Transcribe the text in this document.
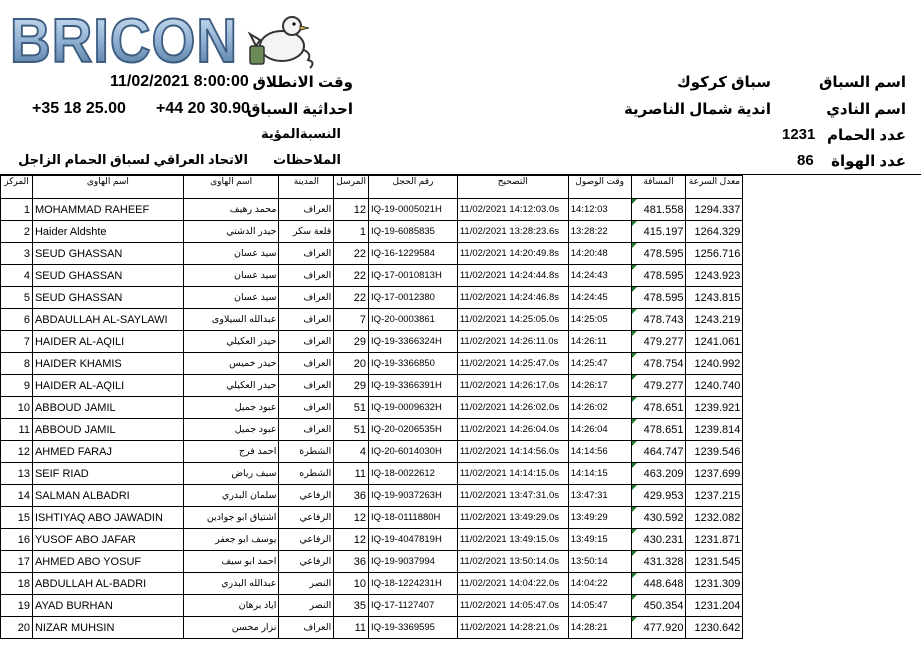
BRICON
اسم السباق
سباق كركوك
اسم النادي
اندية شمال الناصرية
عدد الحمام
1231
عدد الهواة
86
وقت الانطلاق
11/02/2021 8:00:00
احداثية السباق
+35 18 25.00 +44 20 30.90
النسبةالمؤية
الملاحظات
الاتحاد العراقي لسباق الحمام الزاجل
المركز	اسم الهاوى	اسم الهاوى	المدينة	المرسل	رقم الحجل	التصحيح	وقت الوصول	المسافة	معدل السرعة	
1	MOHAMMAD RAHEEF	محمد رهيف	العراف	12	IQ-19-0005021H	11/02/2021 14:12:03.0s	14:12:03	481.558	1294.337	
2	Haider Aldshte	حيدر الدشتي	قلعة سكر	1	IQ-19-6085835	11/02/2021 13:28:23.6s	13:28:22	415.197	1264.329	
3	SEUD GHASSAN	سيد عسان	العراف	22	IQ-16-1229584	11/02/2021 14:20:49.8s	14:20:48	478.595	1256.716	
4	SEUD GHASSAN	سيد عسان	العراف	22	IQ-17-0010813H	11/02/2021 14:24:44.8s	14:24:43	478.595	1243.923	
5	SEUD GHASSAN	سيد عسان	العراف	22	IQ-17-0012380	11/02/2021 14:24:46.8s	14:24:45	478.595	1243.815	
6	ABDAULLAH AL-SAYLAWI	عبدالله السيلاوى	العراف	7	IQ-20-0003861	11/02/2021 14:25:05.0s	14:25:05	478.743	1243.219	
7	HAIDER AL-AQILI	حيدر العكيلي	العراف	29	IQ-19-3366324H	11/02/2021 14:26:11.0s	14:26:11	479.277	1241.061	
8	HAIDER KHAMIS	حيدر خميس	العراف	20	IQ-19-3366850	11/02/2021 14:25:47.0s	14:25:47	478.754	1240.992	
9	HAIDER AL-AQILI	حيدر العكيلي	العراف	29	IQ-19-3366391H	11/02/2021 14:26:17.0s	14:26:17	479.277	1240.740	
10	ABBOUD JAMIL	عبود جميل	العراف	51	IQ-19-0009632H	11/02/2021 14:26:02.0s	14:26:02	478.651	1239.921	
11	ABBOUD JAMIL	عبود جميل	العراف	51	IQ-20-0206535H	11/02/2021 14:26:04.0s	14:26:04	478.651	1239.814	
12	AHMED FARAJ	احمد فرج	الشطرة	4	IQ-20-6014030H	11/02/2021 14:14:56.0s	14:14:56	464.747	1239.546	
13	SEIF RIAD	سيف رياض	الشطره	11	IQ-18-0022612	11/02/2021 14:14:15.0s	14:14:15	463.209	1237.699	
14	SALMAN ALBADRI	سلمان البدري	الرفاعي	36	IQ-19-9037263H	11/02/2021 13:47:31.0s	13:47:31	429.953	1237.215	
15	ISHTIYAQ ABO JAWADIN	اشتياق ابو جوادين	الرفاعي	12	IQ-18-0111880H	11/02/2021 13:49:29.0s	13:49:29	430.592	1232.082	
16	YUSOF ABO JAFAR	يوسف ابو جعفر	الرفاعي	12	IQ-19-4047819H	11/02/2021 13:49:15.0s	13:49:15	430.231	1231.871	
17	AHMED ABO YOSUF	احمد ابو سيف	الرفاعي	36	IQ-19-9037994	11/02/2021 13:50:14.0s	13:50:14	431.328	1231.545	
18	ABDULLAH AL-BADRI	عبدالله البدري	النصر	10	IQ-18-1224231H	11/02/2021 14:04:22.0s	14:04:22	448.648	1231.309	
19	AYAD BURHAN	اياد برهان	النصر	35	IQ-17-1127407	11/02/2021 14:05:47.0s	14:05:47	450.354	1231.204	
20	NIZAR MUHSIN	نزار محسن	العراف	11	IQ-19-3369595	11/02/2021 14:28:21.0s	14:28:21	477.920	1230.642	
